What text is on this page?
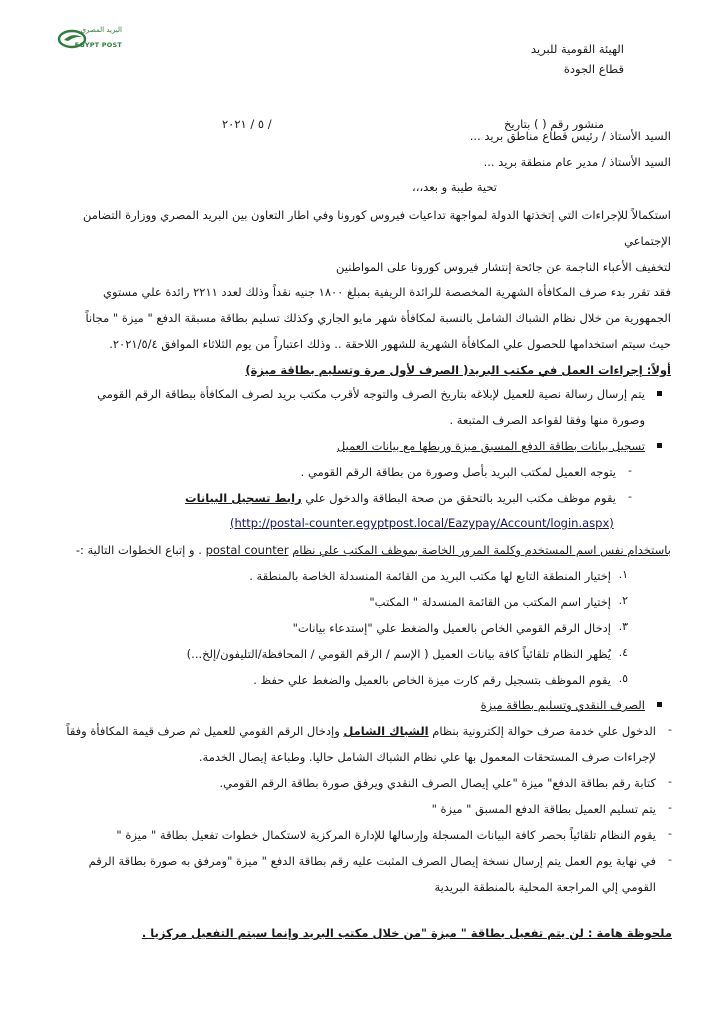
الهيئة القومية للبريد
قطاع الجودة
البريد المصري
EGYPT POST
منشور رقم ( ) بتاريخ
/ ٥ / ٢٠٢١
السيد الأستاذ / رئيس قطاع مناطق بريد ...
السيد الأستاذ / مدير عام منطقة بريد ...
تحية طيبة و بعد،،،
استكمالاً للإجراءات التي إتخذتها الدولة لمواجهة تداعيات فيروس كورونا وفي اطار التعاون بين البريد المصري ووزارة التضامن
الإجتماعي
لتخفيف الأعباء الناجمة عن جائحة إنتشار فيروس كورونا على المواطنين
فقد تقرر بدء صرف المكافأة الشهرية المخصصة للرائدة الريفية بمبلغ ١٨٠٠ جنيه نقداً وذلك لعدد ٢٢١١ رائدة علي مستوي
الجمهورية من خلال نظام الشباك الشامل بالنسبة لمكافأة شهر مايو الجاري وكذلك تسليم بطاقة مسبقة الدفع " ميزة " مجاناً
حيث سيتم استخدامها للحصول علي المكافأة الشهرية للشهور اللاحقة .. وذلك اعتباراً من يوم الثلاثاء الموافق ٢٠٢١/٥/٤.
أولاً: إجراءات العمل في مكتب البريد( الصرف لأول مرة وتسليم بطاقة ميزة)
يتم إرسال رسالة نصية للعميل لإبلاغه بتاريخ الصرف والتوجه لأقرب مكتب بريد لصرف المكافأة ببطاقة الرقم القومي
وصورة منها وفقا لقواعد الصرف المتبعة .
تسجيل بيانات بطاقة الدفع المسبق ميزة وربطها مع بيانات العميل
-
يتوجه العميل لمكتب البريد بأصل وصورة من بطاقة الرقم القومي .
-
يقوم موظف مكتب البريد بالتحقق من صحة البطاقة والدخول علي رابط تسجيل البيانات
(http://postal-counter.egyptpost.local/Eazypay/Account/login.aspx)
باستخدام نفس اسم المستخدم وكلمة المرور الخاصة بموظف المكتب علي نظام postal counter . و إتباع الخطوات التالية :-
١.
إختيار المنطقة التابع لها مكتب البريد من القائمة المنسدلة الخاصة بالمنطقة .
٢.
إختيار اسم المكتب من القائمة المنسدلة " المكتب"
٣.
إدخال الرقم القومي الخاص بالعميل والضغط علي "إستدعاء بيانات"
٤.
يُظهر النظام تلقائياً كافة بيانات العميل ( الإسم / الرقم القومي / المحافظة/التليفون/إلخ...)
٥.
يقوم الموظف بتسجيل رقم كارت ميزة الخاص بالعميل والضغط علي حفظ .
الصرف النقدي وتسليم بطاقة ميزة
-
الدخول علي خدمة صرف حوالة إلكترونية بنظام الشباك الشامل وإدخال الرقم القومي للعميل ثم صرف قيمة المكافأة وفقاً
لإجراءات صرف المستحقات المعمول بها علي نظام الشباك الشامل حاليا. وطباعة إيصال الخدمة.
-
كتابة رقم بطاقة الدفع" ميزة "علي إيصال الصرف النقدي ويرفق صورة بطاقة الرقم القومي.
-
يتم تسليم العميل بطاقة الدفع المسبق " ميزة "
-
يقوم النظام تلقائياً بحصر كافة البيانات المسجلة وإرسالها للإدارة المركزية لاستكمال خطوات تفعيل بطاقة " ميزة "
-
في نهاية يوم العمل يتم إرسال نسخة إيصال الصرف المثبت عليه رقم بطاقة الدفع " ميزة "ومرفق به صورة بطاقة الرقم
القومي إلي المراجعة المحلية بالمنطقة البريدية
ملحوظة هامة : لن يتم تفعيل بطاقة " ميزة "من خلال مكتب البريد وإنما سيتم التفعيل مركزيا .
